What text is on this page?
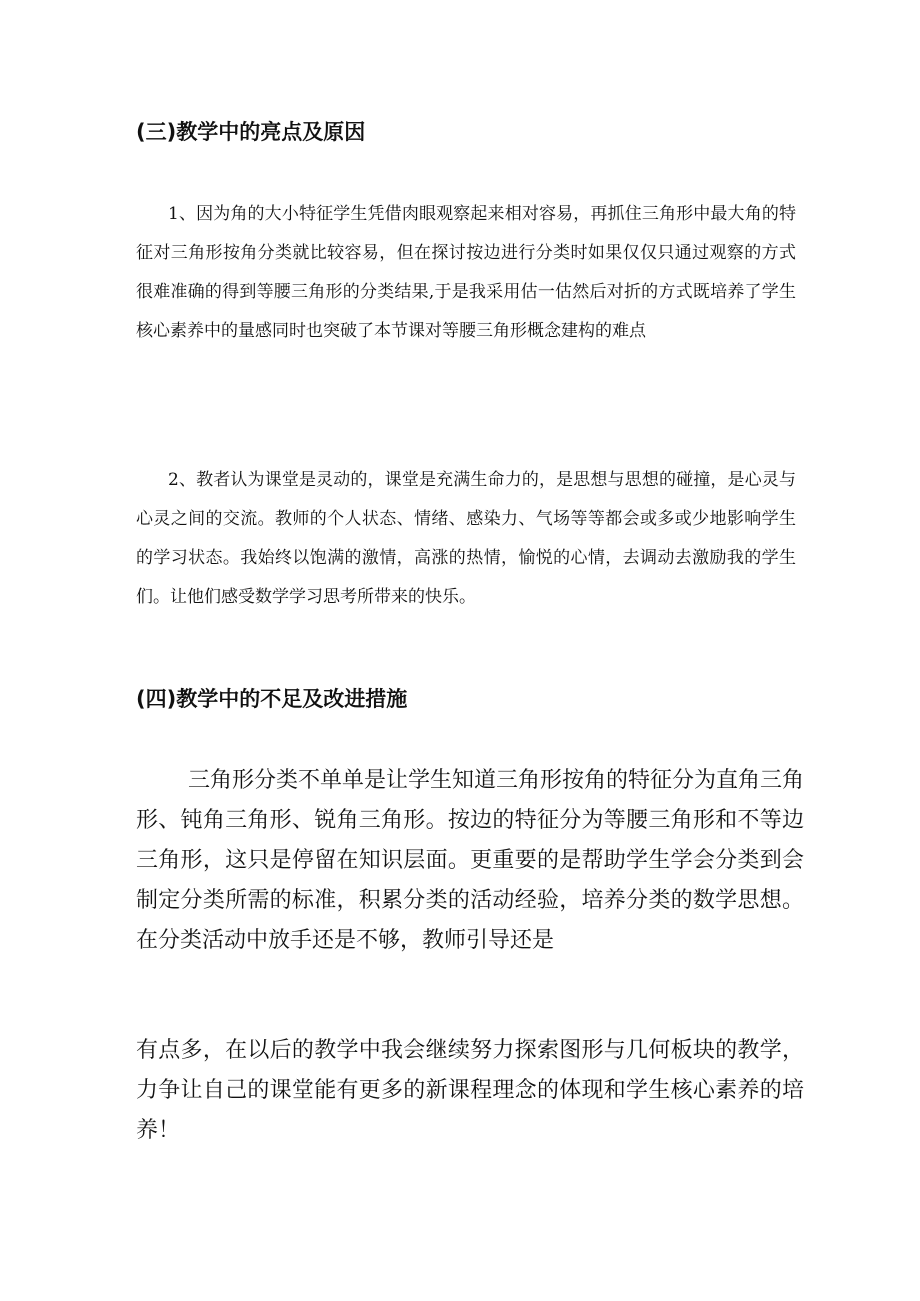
(三)教学中的亮点及原因

1、因为角的大小特征学生凭借肉眼观察起来相对容易，再抓住三角形中最大角的特征对三角形按角分类就比较容易，但在探讨按边进行分类时如果仅仅只通过观察的方式很难准确的得到等腰三角形的分类结果,于是我采用估一估然后对折的方式既培养了学生核心素养中的量感同时也突破了本节课对等腰三角形概念建构的难点

2、教者认为课堂是灵动的，课堂是充满生命力的，是思想与思想的碰撞，是心灵与心灵之间的交流。教师的个人状态、情绪、感染力、气场等等都会或多或少地影响学生的学习状态。我始终以饱满的激情，高涨的热情，愉悦的心情，去调动去激励我的学生们。让他们感受数学学习思考所带来的快乐。

(四)教学中的不足及改进措施

三角形分类不单单是让学生知道三角形按角的特征分为直角三角形、钝角三角形、锐角三角形。按边的特征分为等腰三角形和不等边三角形，这只是停留在知识层面。更重要的是帮助学生学会分类到会制定分类所需的标准，积累分类的活动经验，培养分类的数学思想。在分类活动中放手还是不够，教师引导还是

有点多，在以后的教学中我会继续努力探索图形与几何板块的教学，力争让自己的课堂能有更多的新课程理念的体现和学生核心素养的培养！
